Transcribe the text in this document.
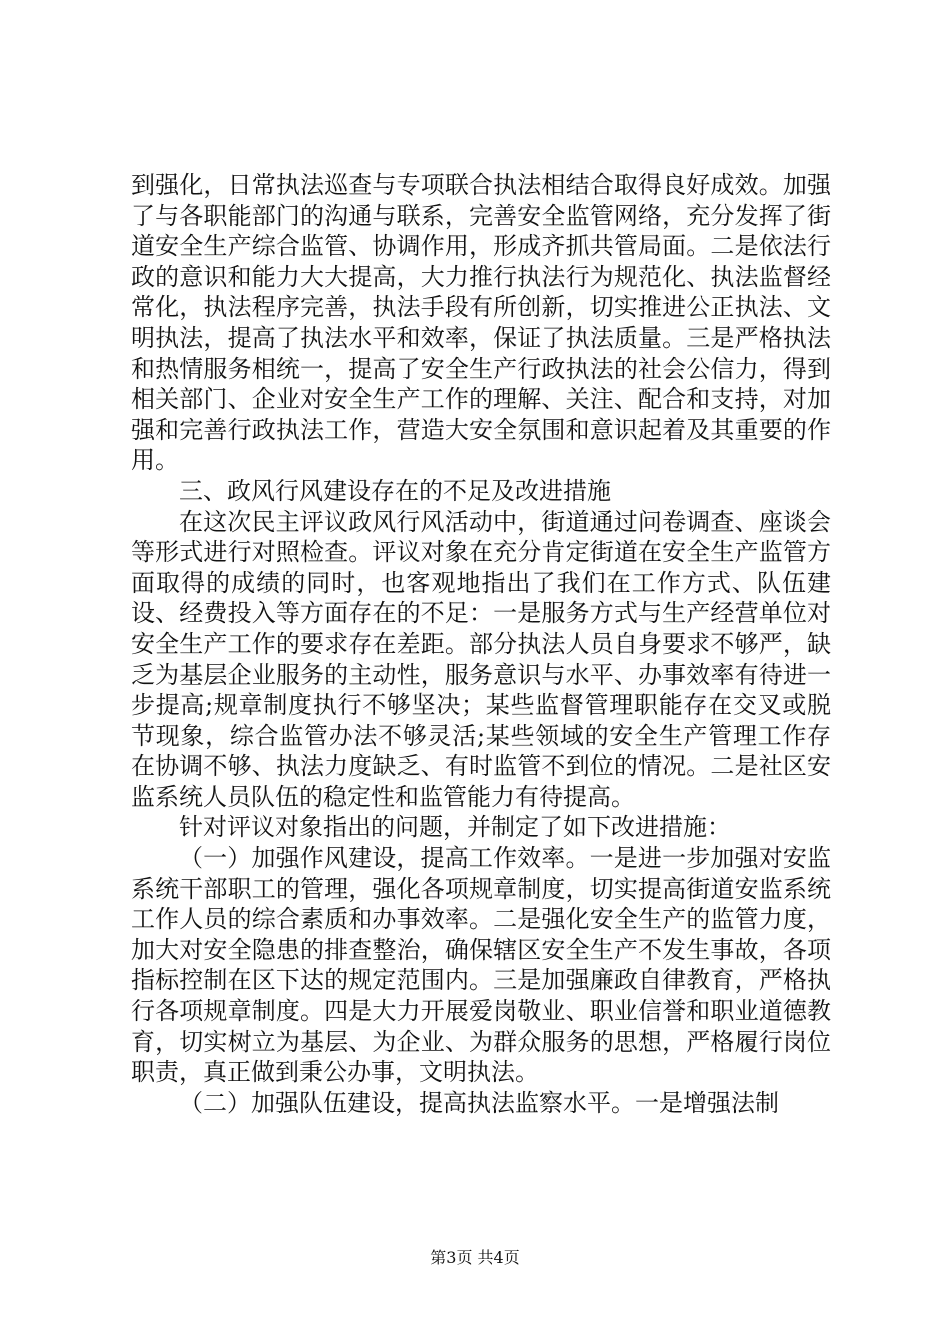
到强化，日常执法巡查与专项联合执法相结合取得良好成效。加强了与各职能部门的沟通与联系，完善安全监管网络，充分发挥了街道安全生产综合监管、协调作用，形成齐抓共管局面。二是依法行政的意识和能力大大提高，大力推行执法行为规范化、执法监督经常化，执法程序完善，执法手段有所创新，切实推进公正执法、文明执法，提高了执法水平和效率，保证了执法质量。三是严格执法和热情服务相统一，提高了安全生产行政执法的社会公信力，得到相关部门、企业对安全生产工作的理解、关注、配合和支持，对加强和完善行政执法工作，营造大安全氛围和意识起着及其重要的作用。

三、政风行风建设存在的不足及改进措施

在这次民主评议政风行风活动中，街道通过问卷调查、座谈会等形式进行对照检查。评议对象在充分肯定街道在安全生产监管方面取得的成绩的同时，也客观地指出了我们在工作方式、队伍建设、经费投入等方面存在的不足：一是服务方式与生产经营单位对安全生产工作的要求存在差距。部分执法人员自身要求不够严，缺乏为基层企业服务的主动性，服务意识与水平、办事效率有待进一步提高;规章制度执行不够坚决；某些监督管理职能存在交叉或脱节现象，综合监管办法不够灵活;某些领域的安全生产管理工作存在协调不够、执法力度缺乏、有时监管不到位的情况。二是社区安监系统人员队伍的稳定性和监管能力有待提高。

针对评议对象指出的问题，并制定了如下改进措施：

（一）加强作风建设，提高工作效率。一是进一步加强对安监系统干部职工的管理，强化各项规章制度，切实提高街道安监系统工作人员的综合素质和办事效率。二是强化安全生产的监管力度，加大对安全隐患的排查整治，确保辖区安全生产不发生事故，各项指标控制在区下达的规定范围内。三是加强廉政自律教育，严格执行各项规章制度。四是大力开展爱岗敬业、职业信誉和职业道德教育，切实树立为基层、为企业、为群众服务的思想，严格履行岗位职责，真正做到秉公办事，文明执法。

（二）加强队伍建设，提高执法监察水平。一是增强法制

第3页 共4页
